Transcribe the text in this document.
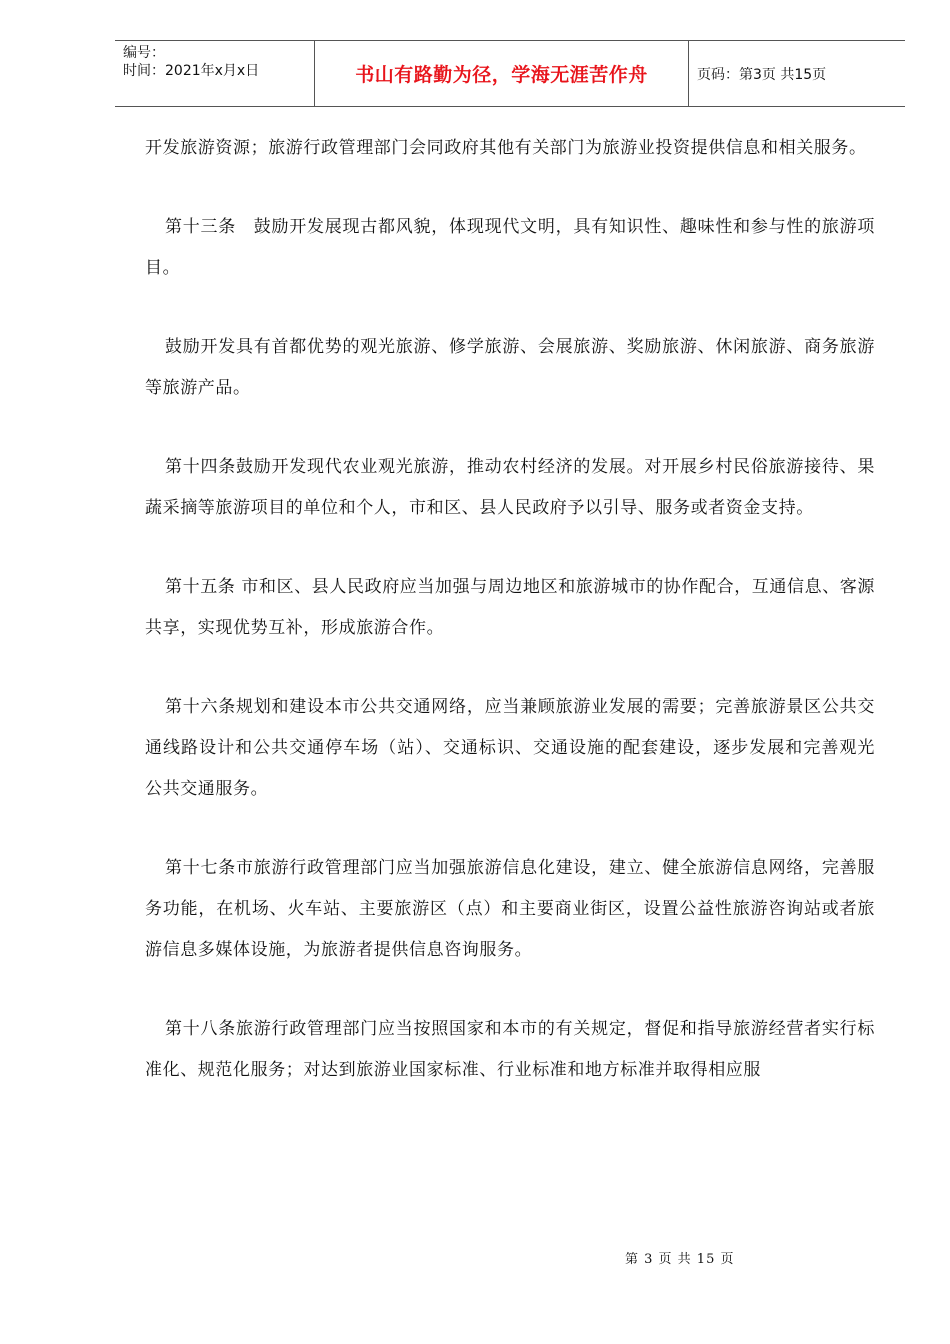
编号：
时间：2021年x月x日	书山有路勤为径，学海无涯苦作舟	页码：第3页 共15页

开发旅游资源；旅游行政管理部门会同政府其他有关部门为旅游业投资提供信息和相关服务。

第十三条　鼓励开发展现古都风貌，体现现代文明，具有知识性、趣味性和参与性的旅游项目。

鼓励开发具有首都优势的观光旅游、修学旅游、会展旅游、奖励旅游、休闲旅游、商务旅游等旅游产品。

第十四条鼓励开发现代农业观光旅游，推动农村经济的发展。对开展乡村民俗旅游接待、果蔬采摘等旅游项目的单位和个人，市和区、县人民政府予以引导、服务或者资金支持。

第十五条 市和区、县人民政府应当加强与周边地区和旅游城市的协作配合，互通信息、客源共享，实现优势互补，形成旅游合作。

第十六条规划和建设本市公共交通网络，应当兼顾旅游业发展的需要；完善旅游景区公共交通线路设计和公共交通停车场（站）、交通标识、交通设施的配套建设，逐步发展和完善观光公共交通服务。

第十七条市旅游行政管理部门应当加强旅游信息化建设，建立、健全旅游信息网络，完善服务功能，在机场、火车站、主要旅游区（点）和主要商业街区，设置公益性旅游咨询站或者旅游信息多媒体设施，为旅游者提供信息咨询服务。

第十八条旅游行政管理部门应当按照国家和本市的有关规定，督促和指导旅游经营者实行标准化、规范化服务；对达到旅游业国家标准、行业标准和地方标准并取得相应服

第 3 页 共 15 页
